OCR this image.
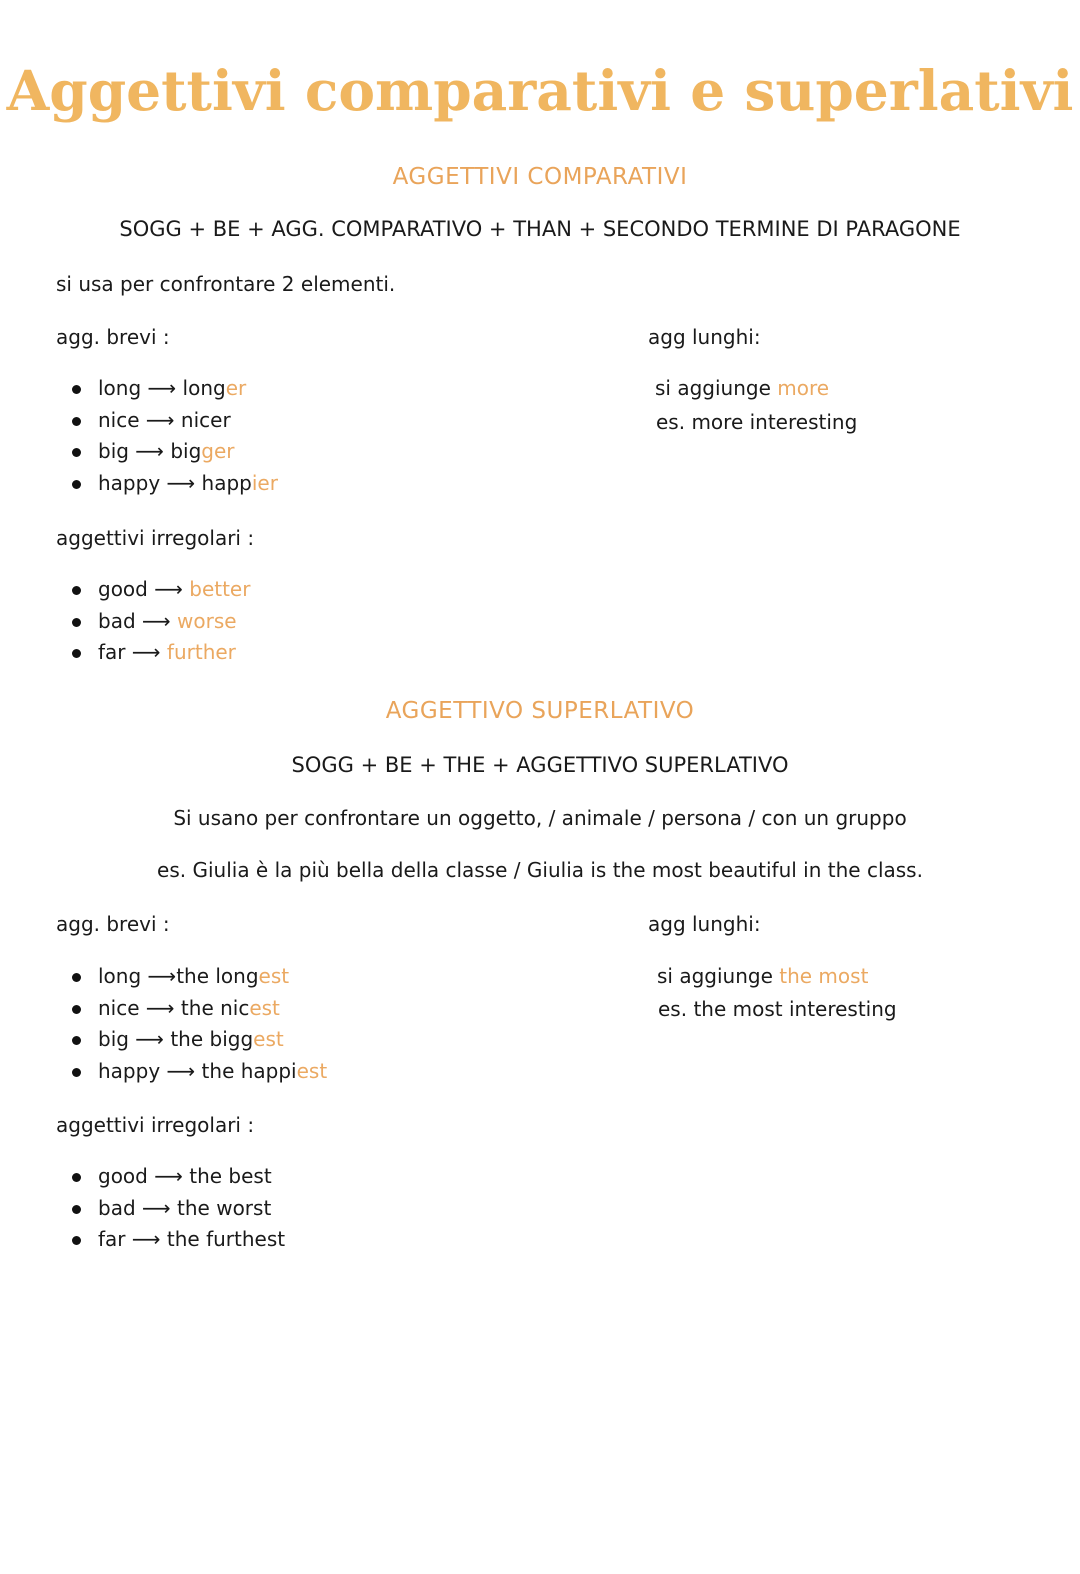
Aggettivi comparativi e superlativi
AGGETTIVI COMPARATIVI
SOGG + BE + AGG. COMPARATIVO + THAN + SECONDO TERMINE DI PARAGONE
si usa per confrontare 2 elementi.
agg. brevi :	agg lunghi:
long ⟶ longer
nice ⟶ nicer
big ⟶ bigger
happy ⟶ happier
si aggiunge more
es. more interesting
aggettivi irregolari :
good ⟶ better
bad ⟶ worse
far ⟶ further
AGGETTIVO SUPERLATIVO
SOGG + BE + THE + AGGETTIVO SUPERLATIVO
Si usano per confrontare un oggetto, / animale / persona / con un gruppo
es. Giulia è la più bella della classe / Giulia is the most beautiful in the class.
agg. brevi :	agg lunghi:
long ⟶the longest
nice ⟶ the nicest
big ⟶ the biggest
happy ⟶ the happiest
si aggiunge the most
es. the most interesting
aggettivi irregolari :
good ⟶ the best
bad ⟶ the worst
far ⟶ the furthest
